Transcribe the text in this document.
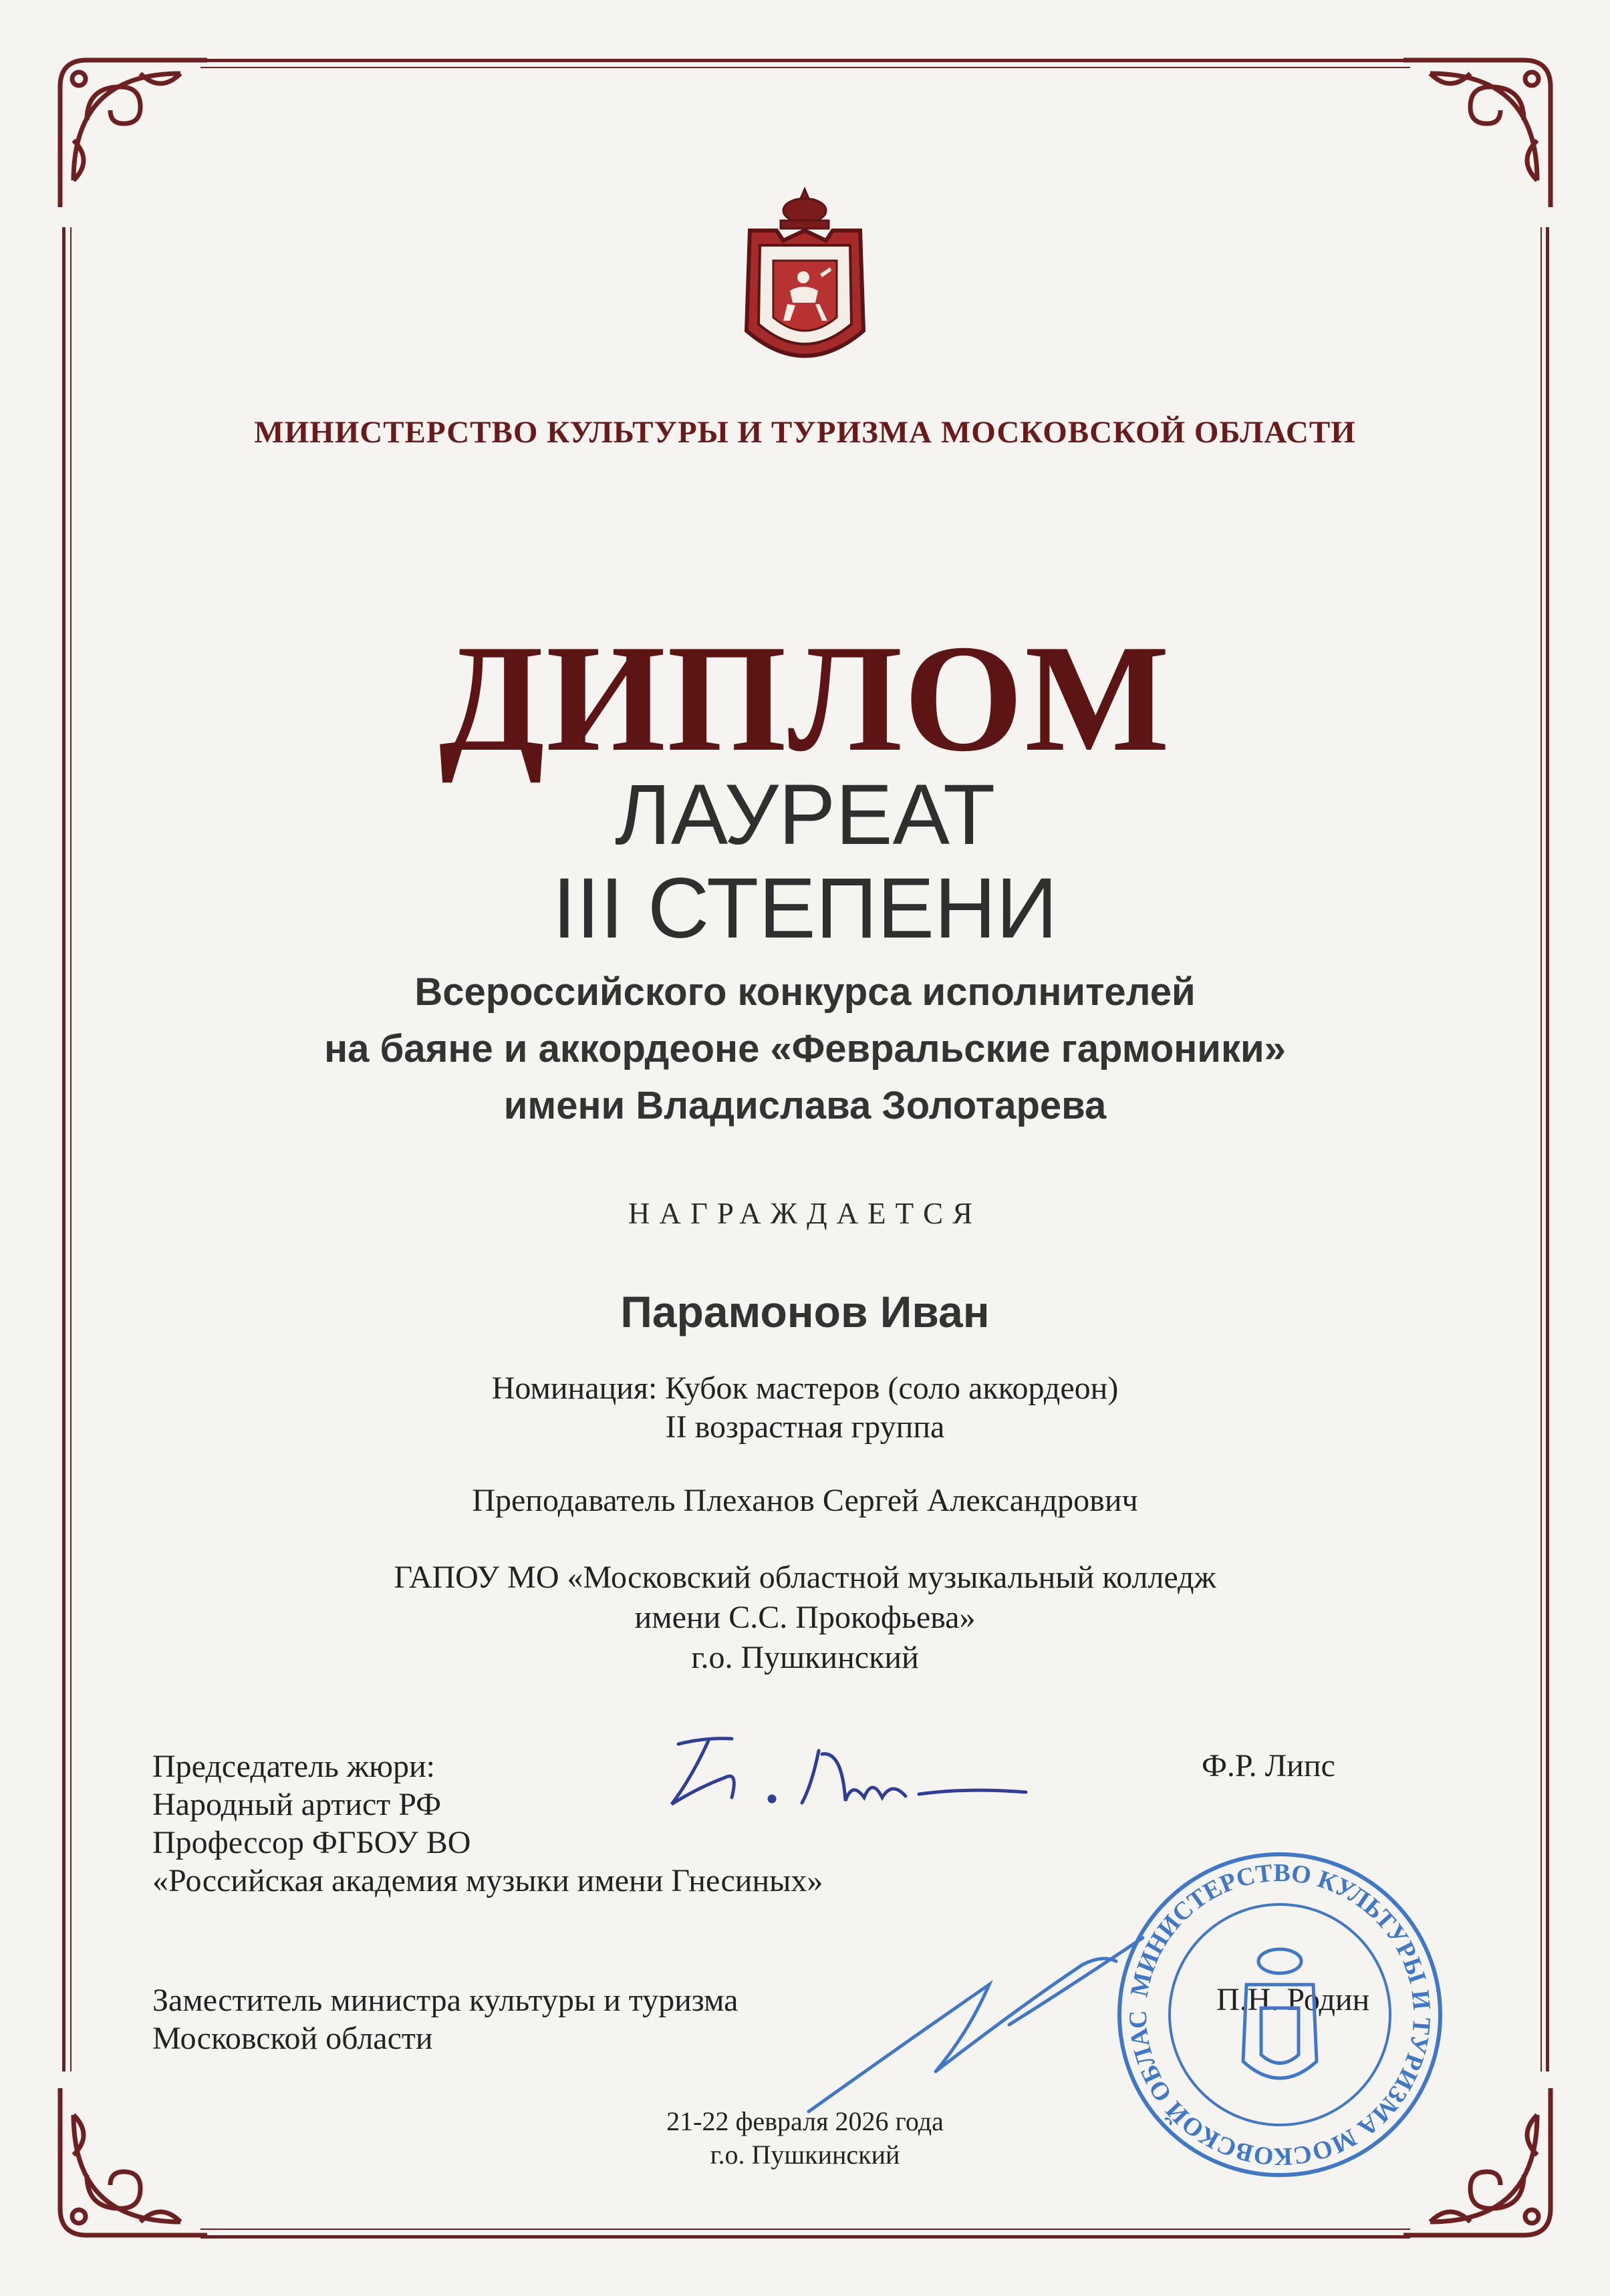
МИНИСТЕРСТВО КУЛЬТУРЫ И ТУРИЗМА МОСКОВСКОЙ ОБЛАСТИ
ДИПЛОМ
ЛАУРЕАТ
III СТЕПЕНИ
Всероссийского конкурса исполнителей
на баяне и аккордеоне «Февральские гармоники»
имени Владислава Золотарева
НАГРАЖДАЕТСЯ
Парамонов Иван
Номинация: Кубок мастеров (соло аккордеон)
II возрастная группа
Преподаватель Плеханов Сергей Александрович
ГАПОУ МО «Московский областной музыкальный колледж
имени С.С. Прокофьева»
г.о. Пушкинский
Председатель жюри:
Народный артист РФ
Профессор ФГБОУ ВО
«Российская академия музыки имени Гнесиных»
Ф.Р. Липс
Заместитель министра культуры и туризма
Московской области
П.Н. Родин
МИНИСТЕРСТВО КУЛЬТУРЫ И ТУРИЗМА МОСКОВСКОЙ ОБЛАС
21-22 февраля 2026 года
г.о. Пушкинский
